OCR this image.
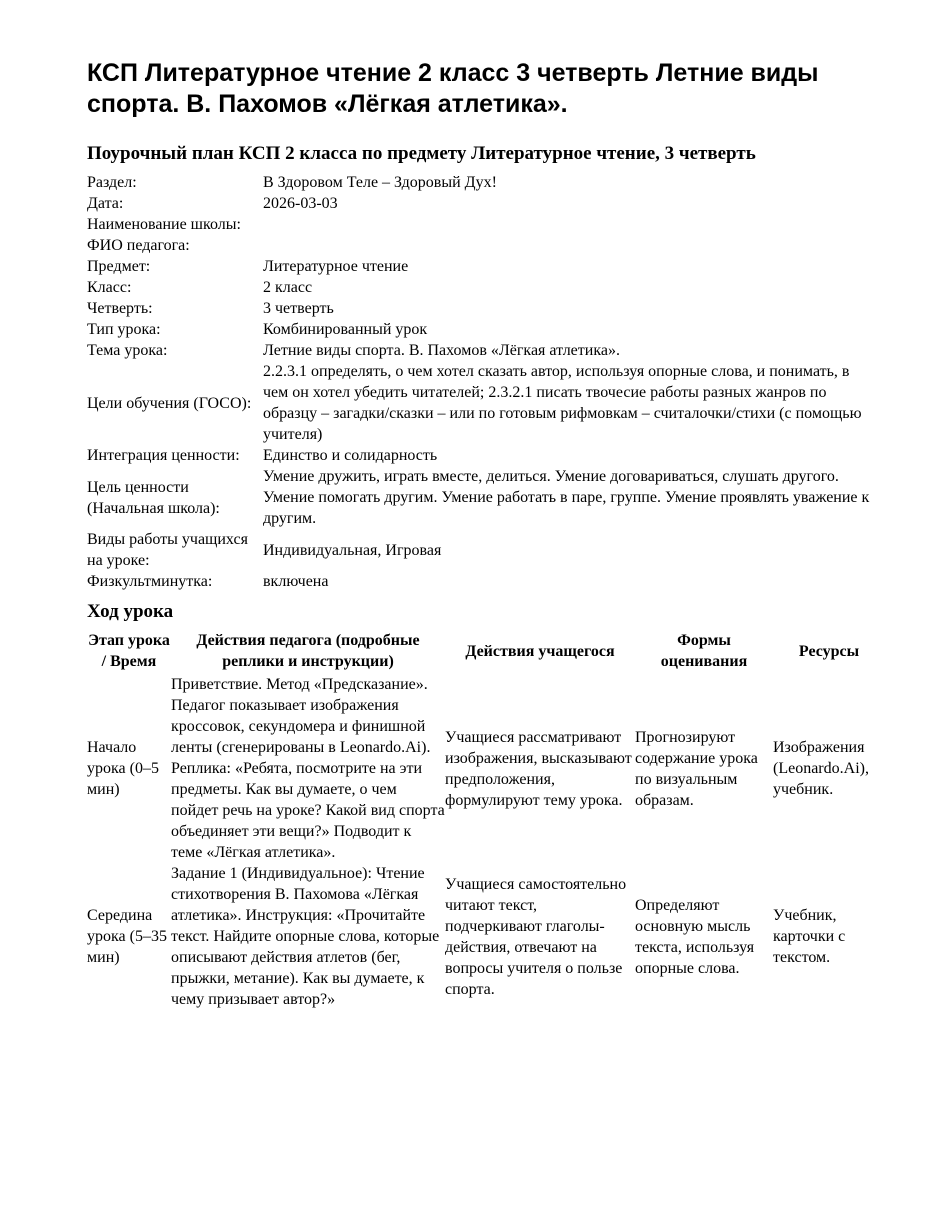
КСП Литературное чтение 2 класс 3 четверть Летние виды спорта. В. Пахомов «Лёгкая атлетика».
Поурочный план КСП 2 класса по предмету Литературное чтение, 3 четверть
Раздел:	В Здоровом Теле – Здоровый Дух!
Дата:	2026-03-03
Наименование школы:	
ФИО педагога:	
Предмет:	Литературное чтение
Класс:	2 класс
Четверть:	3 четверть
Тип урока:	Комбинированный урок
Тема урока:	Летние виды спорта. В. Пахомов «Лёгкая атлетика».
Цели обучения (ГОСО):	2.2.3.1 определять, о чем хотел сказать автор, используя опорные слова, и понимать, в чем он хотел убедить читателей; 2.3.2.1 писать твочесие работы разных жанров по образцу – загадки/сказки – или по готовым рифмовкам – считалочки/стихи (с помощью учителя)
Интеграция ценности:	Единство и солидарность
Цель ценности (Начальная школа):	Умение дружить, играть вместе, делиться. Умение договариваться, слушать другого. Умение помогать другим. Умение работать в паре, группе. Умение проявлять уважение к другим.
Виды работы учащихся на уроке:	Индивидуальная, Игровая
Физкультминутка:	включена
Ход урока
Этап урока / Время	Действия педагога (подробные реплики и инструкции)	Действия учащегося	Формы оценивания	Ресурсы
Начало урока (0–5 мин)	Приветствие. Метод «Предсказание». Педагог показывает изображения кроссовок, секундомера и финишной ленты (сгенерированы в Leonardo.Ai). Реплика: «Ребята, посмотрите на эти предметы. Как вы думаете, о чем пойдет речь на уроке? Какой вид спорта объединяет эти вещи?» Подводит к теме «Лёгкая атлетика».	Учащиеся рассматривают изображения, высказывают предположения, формулируют тему урока.	Прогнозируют содержание урока по визуальным образам.	Изображения (Leonardo.Ai), учебник.
Середина урока (5–35 мин)	Задание 1 (Индивидуальное): Чтение стихотворения В. Пахомова «Лёгкая атлетика». Инструкция: «Прочитайте текст. Найдите опорные слова, которые описывают действия атлетов (бег, прыжки, метание). Как вы думаете, к чему призывает автор?»	Учащиеся самостоятельно читают текст, подчеркивают глаголы-действия, отвечают на вопросы учителя о пользе спорта.	Определяют основную мысль текста, используя опорные слова.	Учебник, карточки с текстом.
